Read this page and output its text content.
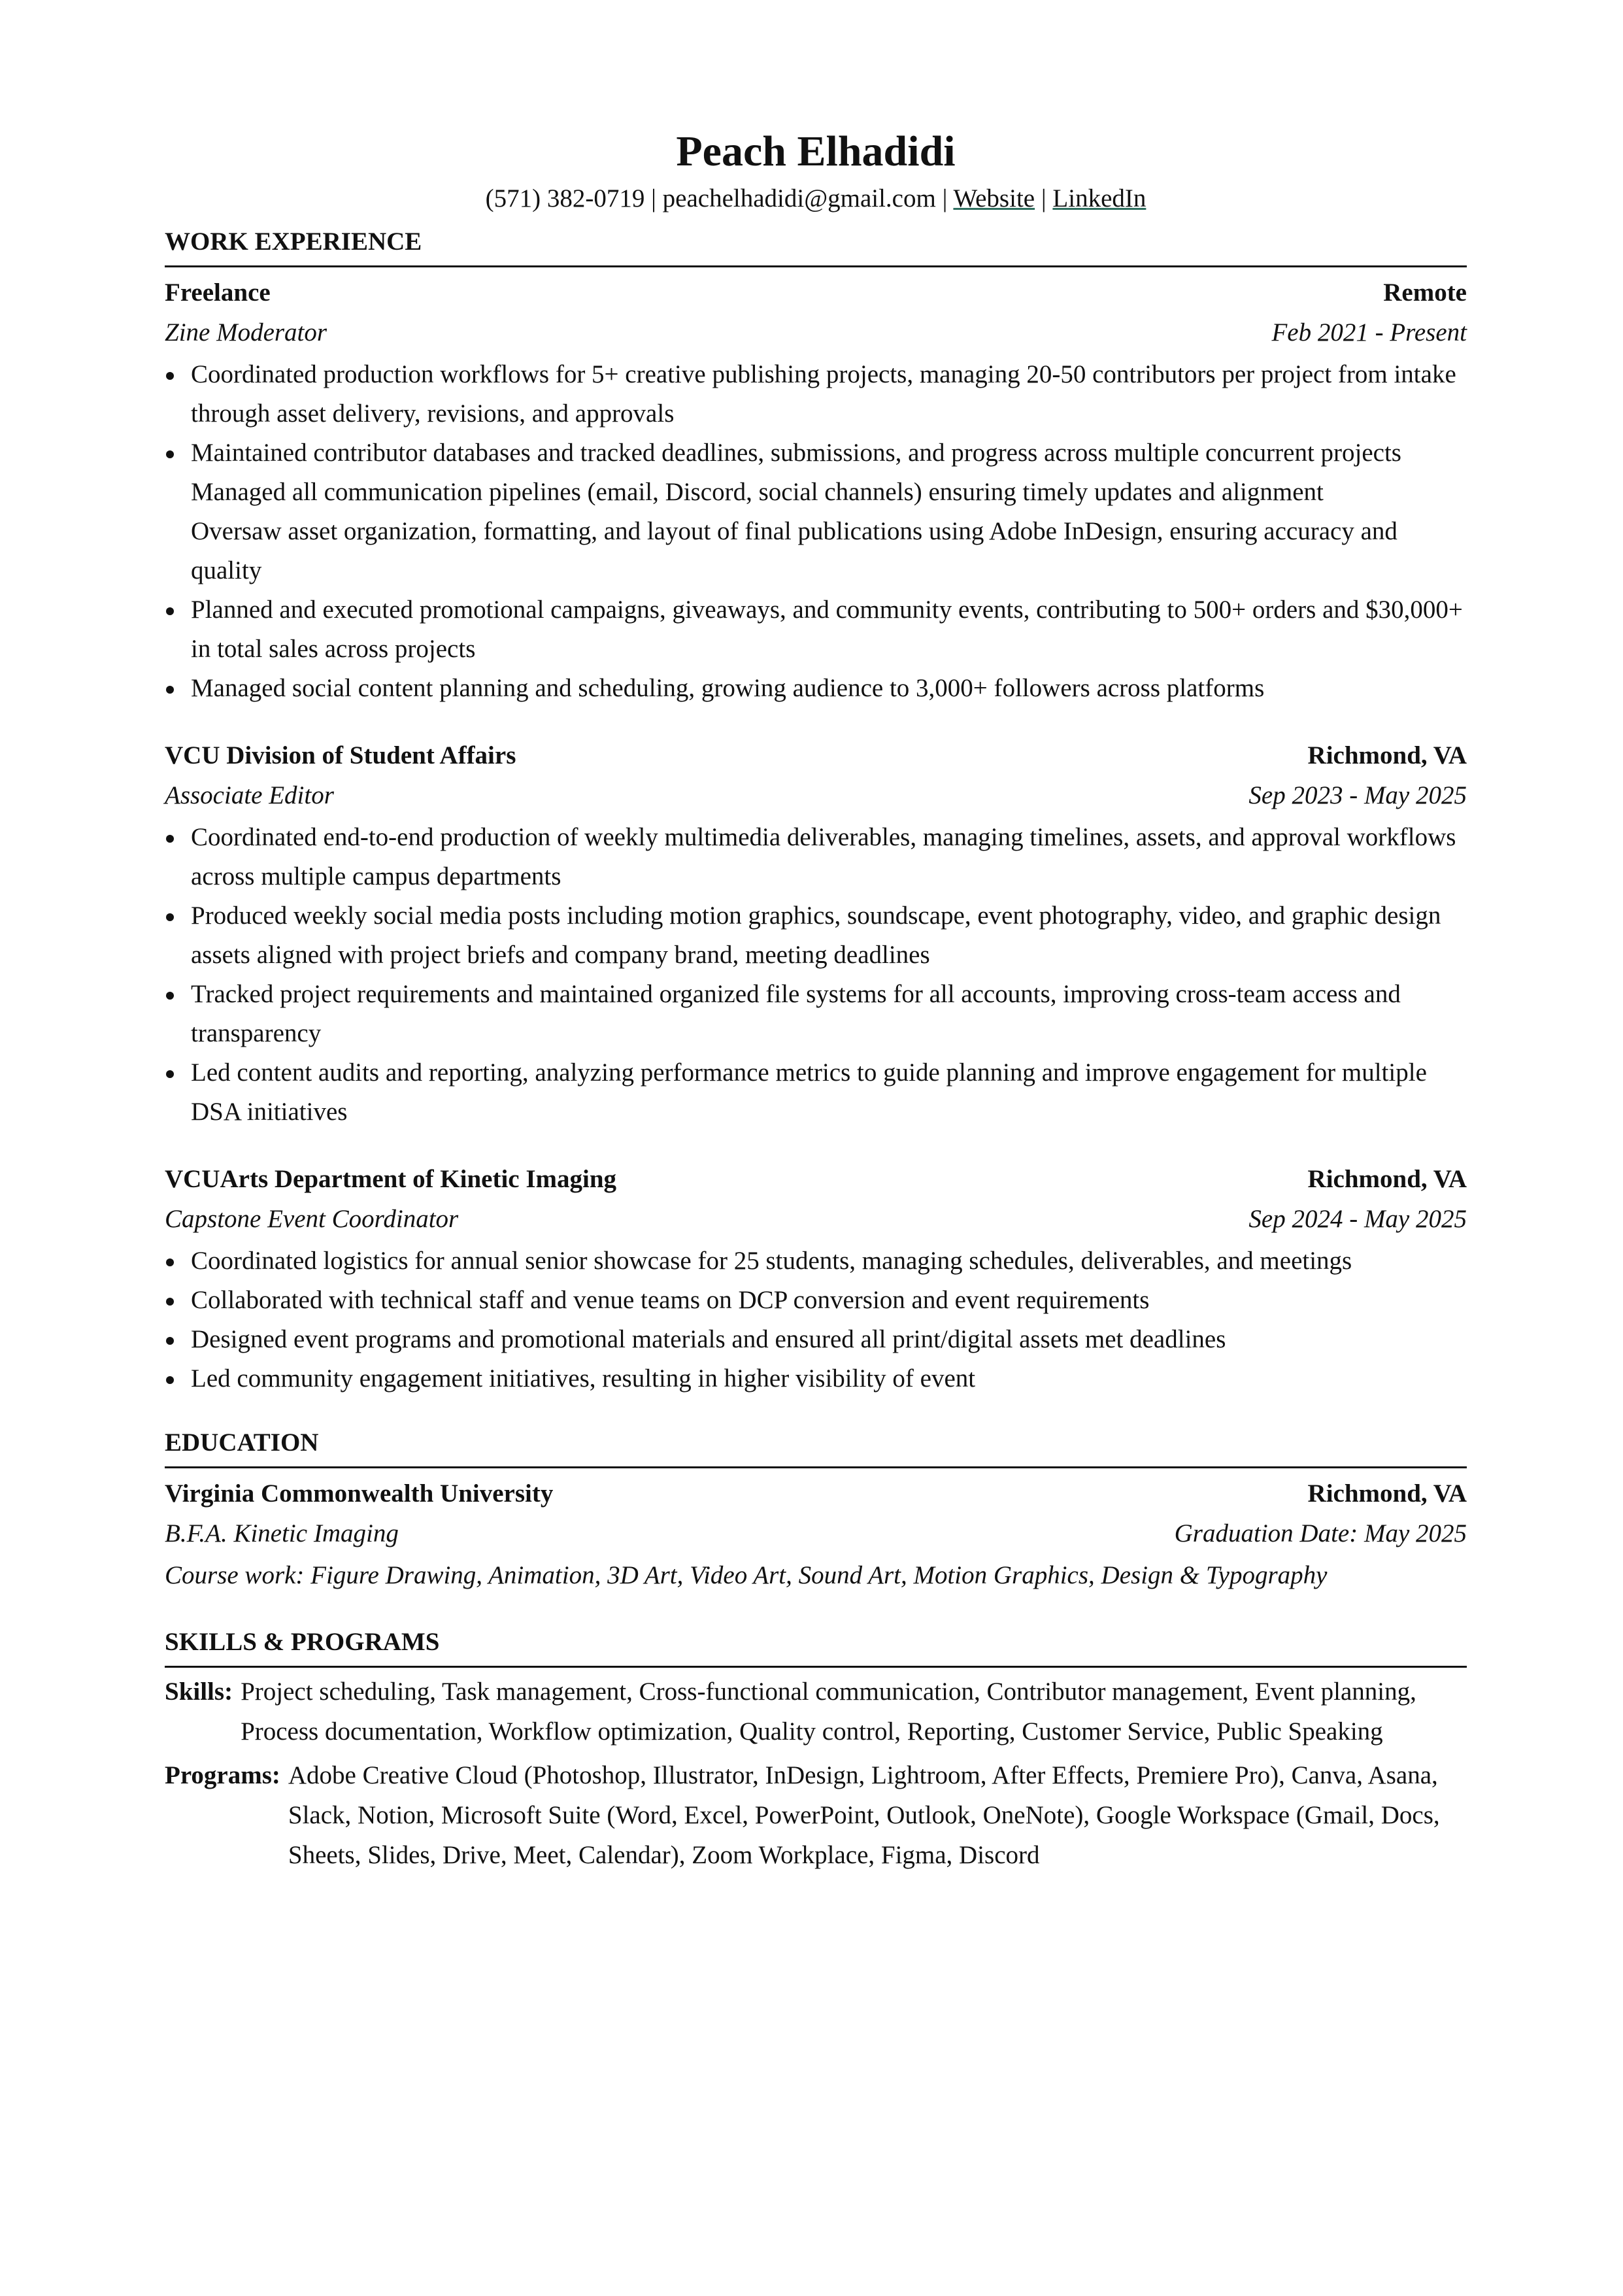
Peach Elhadidi
(571) 382-0719 | peachelhadidi@gmail.com | Website | LinkedIn
WORK EXPERIENCE
Freelance	Remote
Zine Moderator	Feb 2021 - Present
Coordinated production workflows for 5+ creative publishing projects, managing 20-50 contributors per project from intake through asset delivery, revisions, and approvals
Maintained contributor databases and tracked deadlines, submissions, and progress across multiple concurrent projects
Managed all communication pipelines (email, Discord, social channels) ensuring timely updates and alignment
Oversaw asset organization, formatting, and layout of final publications using Adobe InDesign, ensuring accuracy and quality
Planned and executed promotional campaigns, giveaways, and community events, contributing to 500+ orders and $30,000+ in total sales across projects
Managed social content planning and scheduling, growing audience to 3,000+ followers across platforms
VCU Division of Student Affairs	Richmond, VA
Associate Editor	Sep 2023 - May 2025
Coordinated end-to-end production of weekly multimedia deliverables, managing timelines, assets, and approval workflows across multiple campus departments
Produced weekly social media posts including motion graphics, soundscape, event photography, video, and graphic design assets aligned with project briefs and company brand, meeting deadlines
Tracked project requirements and maintained organized file systems for all accounts, improving cross-team access and transparency
Led content audits and reporting, analyzing performance metrics to guide planning and improve engagement for multiple DSA initiatives
VCUArts Department of Kinetic Imaging	Richmond, VA
Capstone Event Coordinator	Sep 2024 - May 2025
Coordinated logistics for annual senior showcase for 25 students, managing schedules, deliverables, and meetings
Collaborated with technical staff and venue teams on DCP conversion and event requirements
Designed event programs and promotional materials and ensured all print/digital assets met deadlines
Led community engagement initiatives, resulting in higher visibility of event
EDUCATION
Virginia Commonwealth University	Richmond, VA
B.F.A. Kinetic Imaging	Graduation Date: May 2025
Course work: Figure Drawing, Animation, 3D Art, Video Art, Sound Art, Motion Graphics, Design & Typography
SKILLS & PROGRAMS
Skills: Project scheduling, Task management, Cross-functional communication, Contributor management, Event planning, Process documentation, Workflow optimization, Quality control, Reporting, Customer Service, Public Speaking
Programs: Adobe Creative Cloud (Photoshop, Illustrator, InDesign, Lightroom, After Effects, Premiere Pro), Canva, Asana, Slack, Notion, Microsoft Suite (Word, Excel, PowerPoint, Outlook, OneNote), Google Workspace (Gmail, Docs, Sheets, Slides, Drive, Meet, Calendar), Zoom Workplace, Figma, Discord
